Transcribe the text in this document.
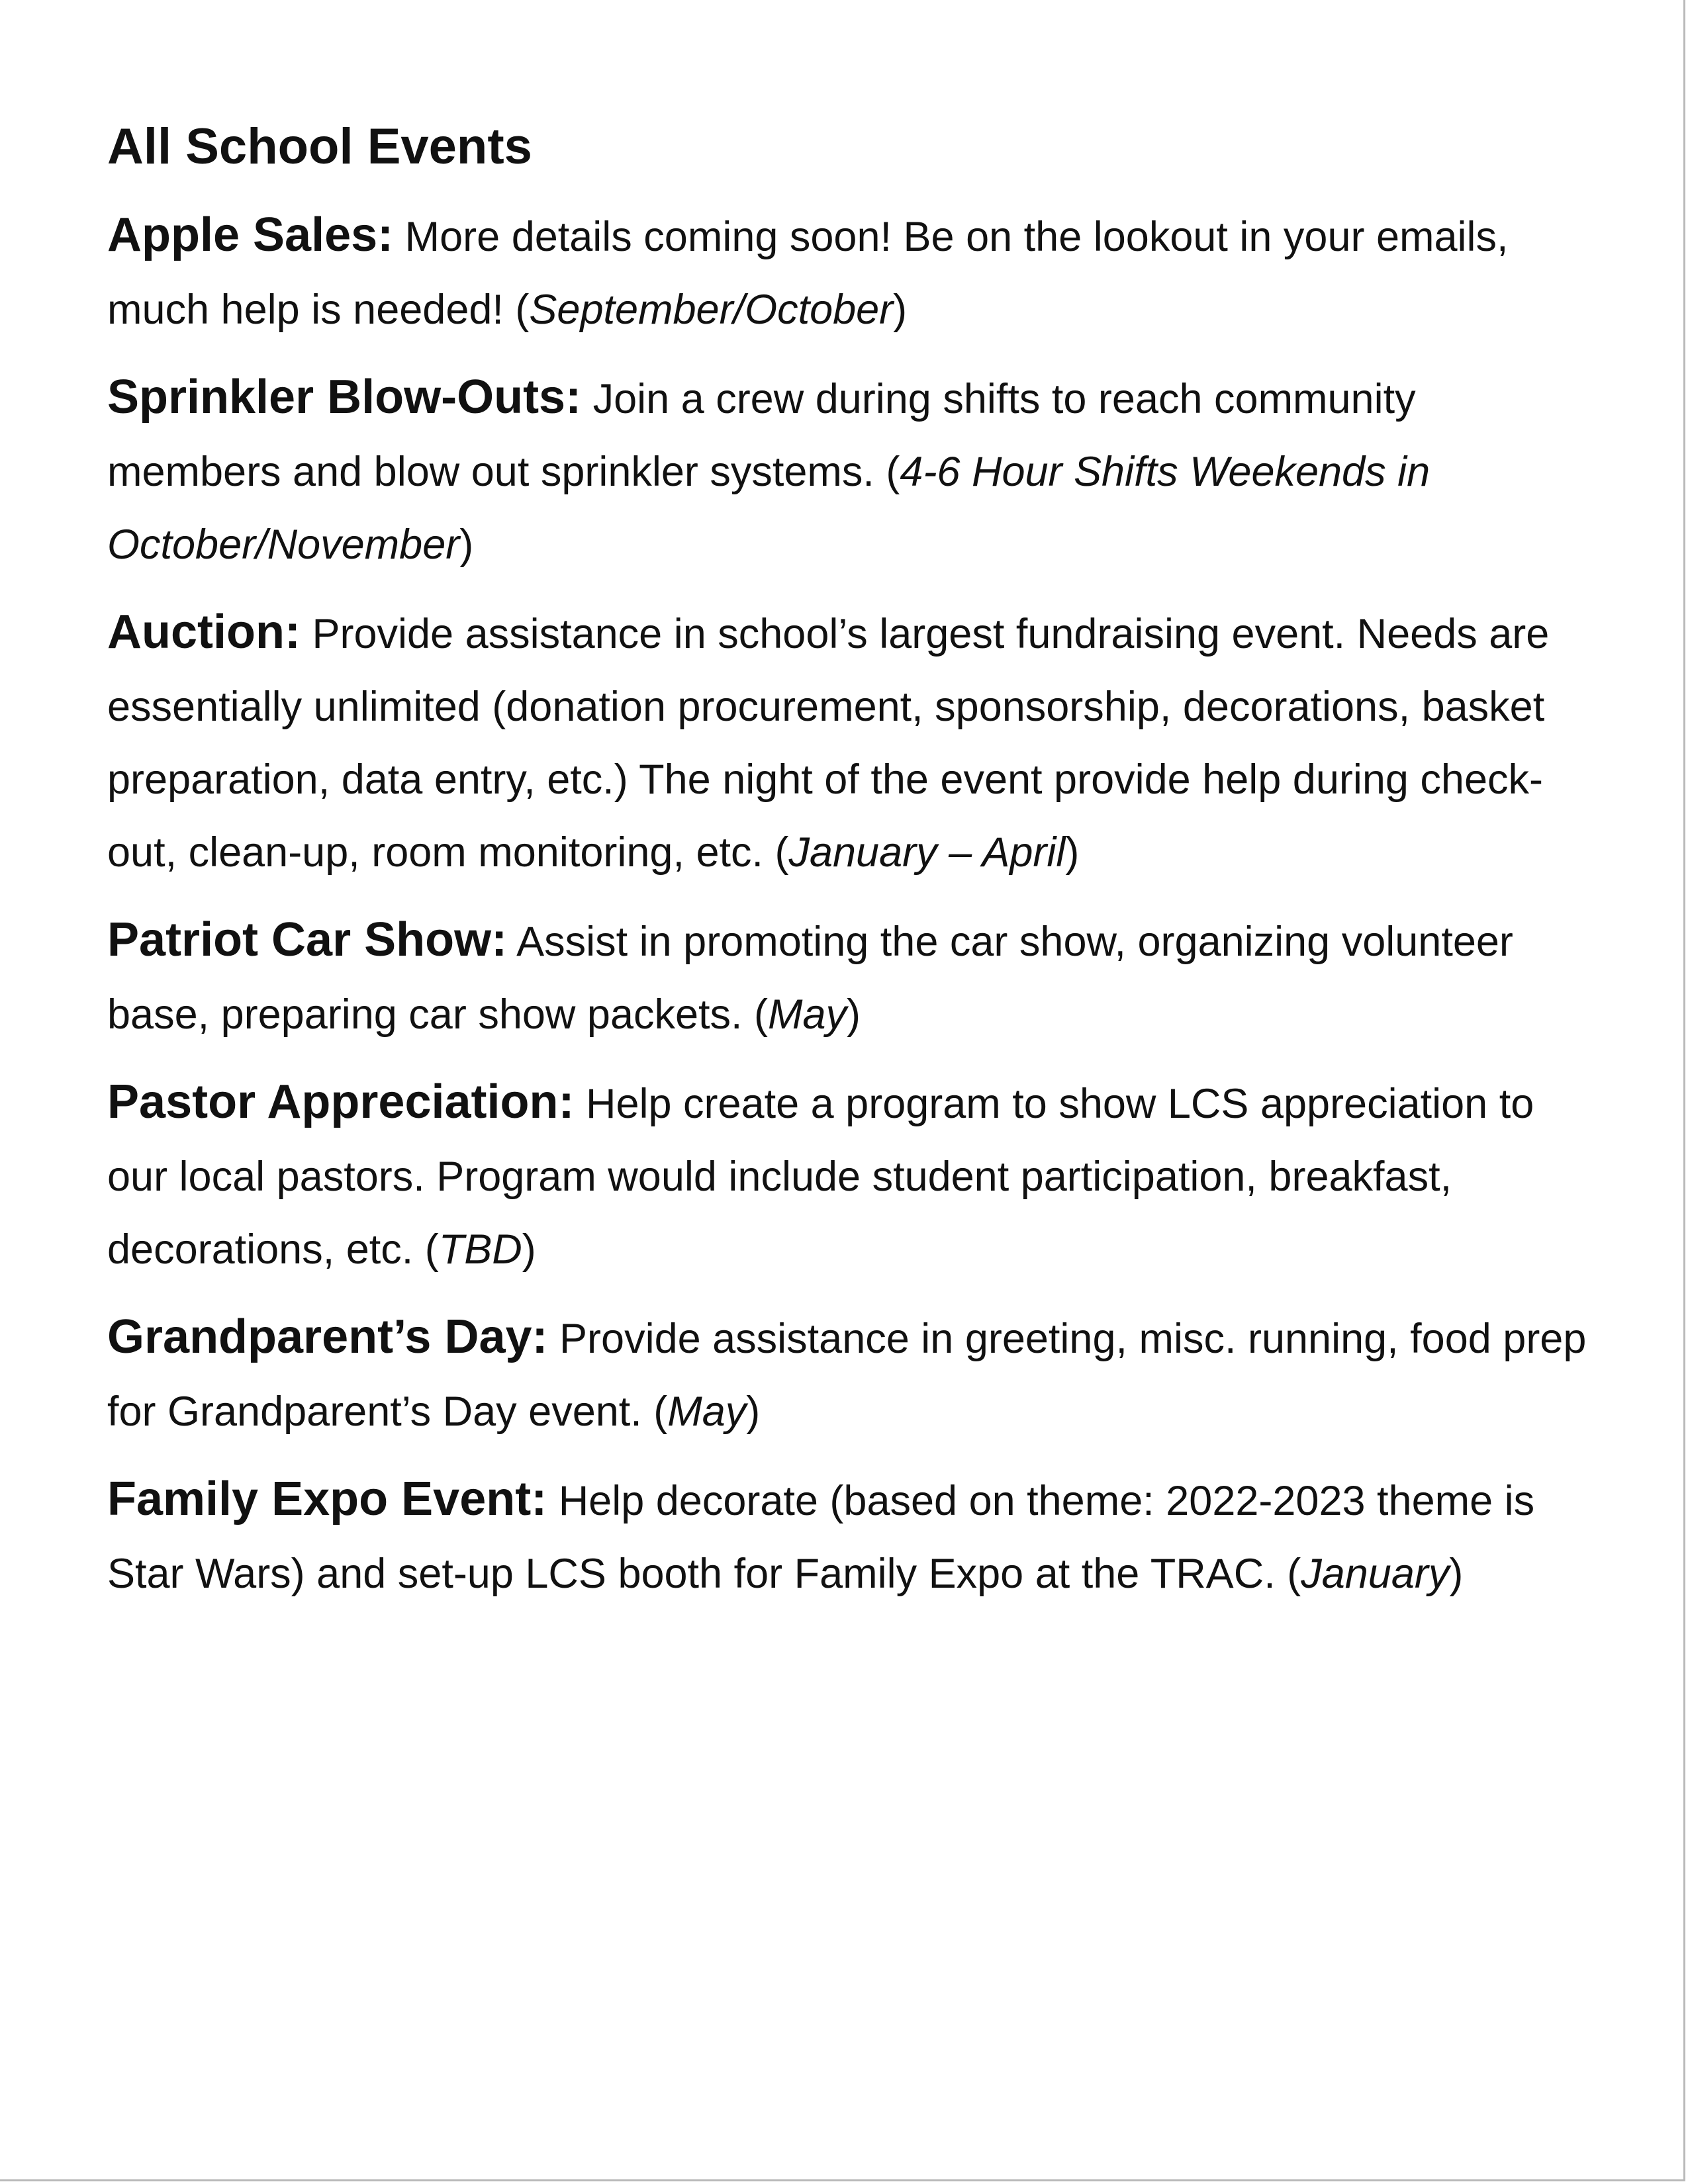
All School Events

Apple Sales: More details coming soon! Be on the lookout in your emails, much help is needed! (September/October)

Sprinkler Blow-Outs: Join a crew during shifts to reach community members and blow out sprinkler systems. (4-6 Hour Shifts Weekends in October/November)

Auction: Provide assistance in school’s largest fundraising event. Needs are essentially unlimited (donation procurement, sponsorship, decorations, basket preparation, data entry, etc.) The night of the event provide help during check-out, clean-up, room monitoring, etc. (January – April)

Patriot Car Show: Assist in promoting the car show, organizing volunteer base, preparing car show packets. (May)

Pastor Appreciation: Help create a program to show LCS appreciation to our local pastors. Program would include student participation, breakfast, decorations, etc. (TBD)

Grandparent’s Day: Provide assistance in greeting, misc. running, food prep for Grandparent’s Day event. (May)

Family Expo Event: Help decorate (based on theme: 2022-2023 theme is Star Wars) and set-up LCS booth for Family Expo at the TRAC. (January)
